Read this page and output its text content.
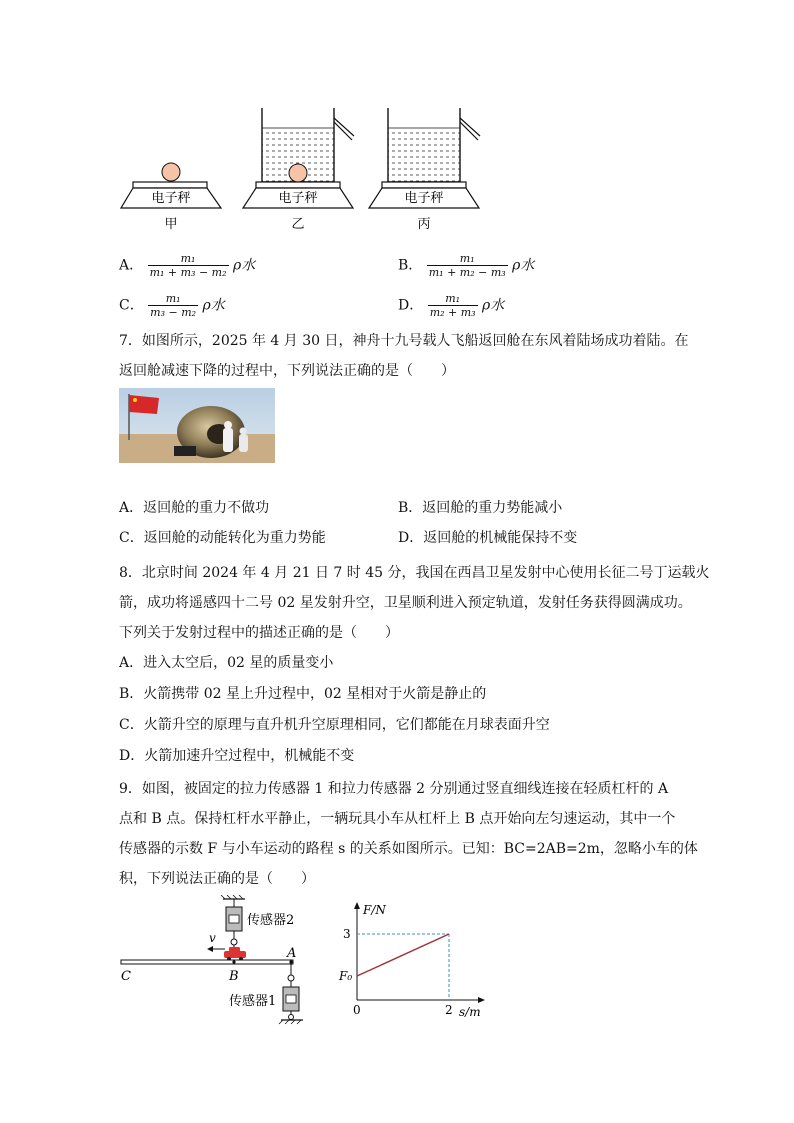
电子秤
甲
电子秤
乙
电子秤
丙
A． $\frac{\text{m₁}}{\text{m₁ + m₃ − m₂}}$ ρ水	B． $\frac{\text{m₁}}{\text{m₁ + m₂ − m₃}}$ ρ水
C． $\frac{\text{m₁}}{\text{m₃ − m₂}}$ ρ水	D． $\frac{\text{m₁}}{\text{m₂ + m₃}}$ ρ水
7．如图所示，2025 年 4 月 30 日，神舟十九号载人飞船返回舱在东风着陆场成功着陆。在
返回舱减速下降的过程中，下列说法正确的是（　　）
A．返回舱的重力不做功	B．返回舱的重力势能减小
C．返回舱的动能转化为重力势能	D．返回舱的机械能保持不变
8．北京时间 2024 年 4 月 21 日 7 时 45 分，我国在西昌卫星发射中心使用长征二号丁运载火
箭，成功将遥感四十二号 02 星发射升空，卫星顺利进入预定轨道，发射任务获得圆满成功。
下列关于发射过程中的描述正确的是（　　）
A．进入太空后，02 星的质量变小
B．火箭携带 02 星上升过程中，02 星相对于火箭是静止的
C．火箭升空的原理与直升机升空原理相同，它们都能在月球表面升空
D．火箭加速升空过程中，机械能不变
9．如图，被固定的拉力传感器 1 和拉力传感器 2 分别通过竖直细线连接在轻质杠杆的 A
点和 B 点。保持杠杆水平静止，一辆玩具小车从杠杆上 B 点开始向左匀速运动，其中一个
传感器的示数 F 与小车运动的路程 s 的关系如图所示。已知：BC=2AB=2m，忽略小车的体
积，下列说法正确的是（　　）
传感器2
v
C	B
A
传感器1
F/N
s/m
0	2
3
F₀
